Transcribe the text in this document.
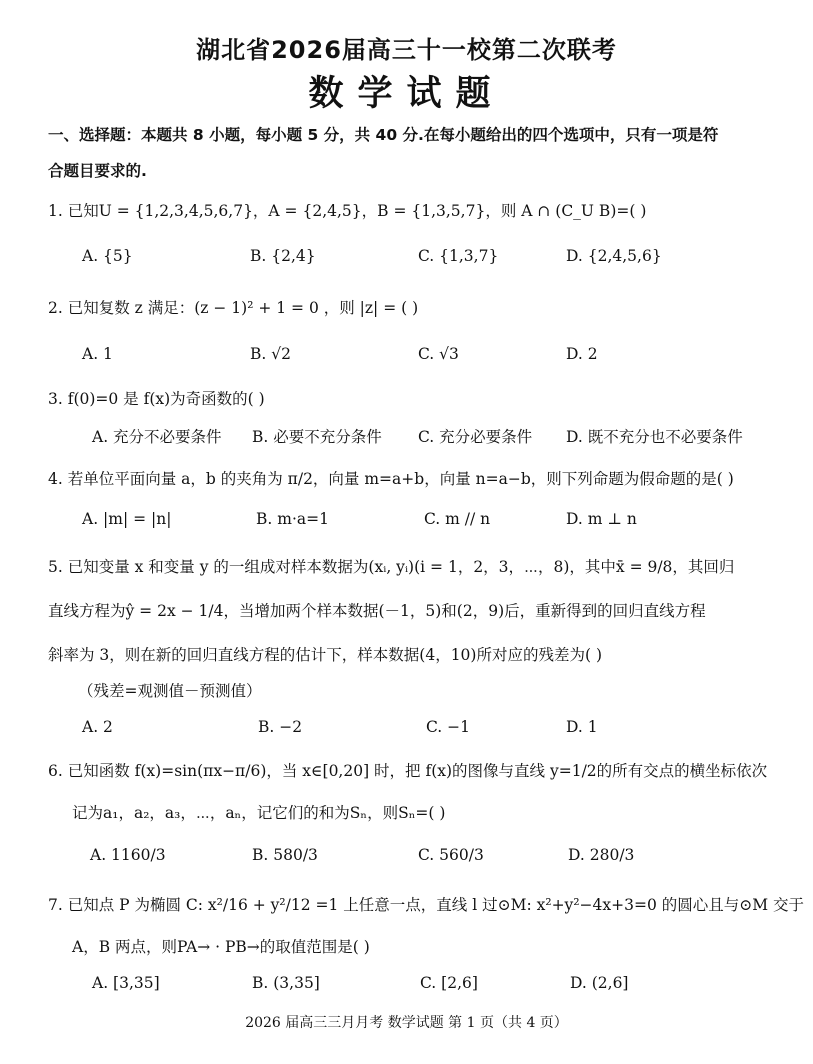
湖北省2026届高三十一校第二次联考
数学试题
一、选择题：本题共 8 小题，每小题 5 分，共 40 分.在每小题给出的四个选项中，只有一项是符
合题目要求的.
1. 已知U = {1,2,3,4,5,6,7}，A = {2,4,5}，B = {1,3,5,7}，则 A ∩ (C_U B)=( )
A. {5}	B. {2,4}	C. {1,3,7}	D. {2,4,5,6}
2. 已知复数 z 满足：(z − 1)² + 1 = 0 ，则 |z| = ( )
A. 1	B. √2	C. √3	D. 2
3. f(0)=0 是 f(x)为奇函数的( )
A. 充分不必要条件 B. 必要不充分条件 C. 充分必要条件 D. 既不充分也不必要条件
4. 若单位平面向量 a，b 的夹角为 π/2，向量 m=a+b，向量 n=a−b，则下列命题为假命题的是( )
A. |m| = |n|	B. m·a=1	C. m // n	D. m ⊥ n
5. 已知变量 x 和变量 y 的一组成对样本数据为(xᵢ, yᵢ)(i = 1，2，3，⋯，8)，其中x̄ = 9/8，其回归
直线方程为ŷ = 2x − 1/4，当增加两个样本数据(－1，5)和(2，9)后，重新得到的回归直线方程
斜率为 3，则在新的回归直线方程的估计下，样本数据(4，10)所对应的残差为( )
（残差=观测值－预测值）
A. 2	B. −2	C. −1	D. 1
6. 已知函数 f(x)=sin(πx−π/6)，当 x∈[0,20] 时，把 f(x)的图像与直线 y=1/2的所有交点的横坐标依次
记为a₁，a₂，a₃，⋯，aₙ，记它们的和为Sₙ，则Sₙ=( )
A. 1160/3	B. 580/3	C. 560/3	D. 280/3
7. 已知点 P 为椭圆 C: x²/16 + y²/12 =1 上任意一点，直线 l 过⊙M: x²+y²−4x+3=0 的圆心且与⊙M 交于
A，B 两点，则PA→ · PB→的取值范围是( )
A. [3,35]	B. (3,35]	C. [2,6]	D. (2,6]
2026 届高三三月月考 数学试题 第 1 页（共 4 页）
